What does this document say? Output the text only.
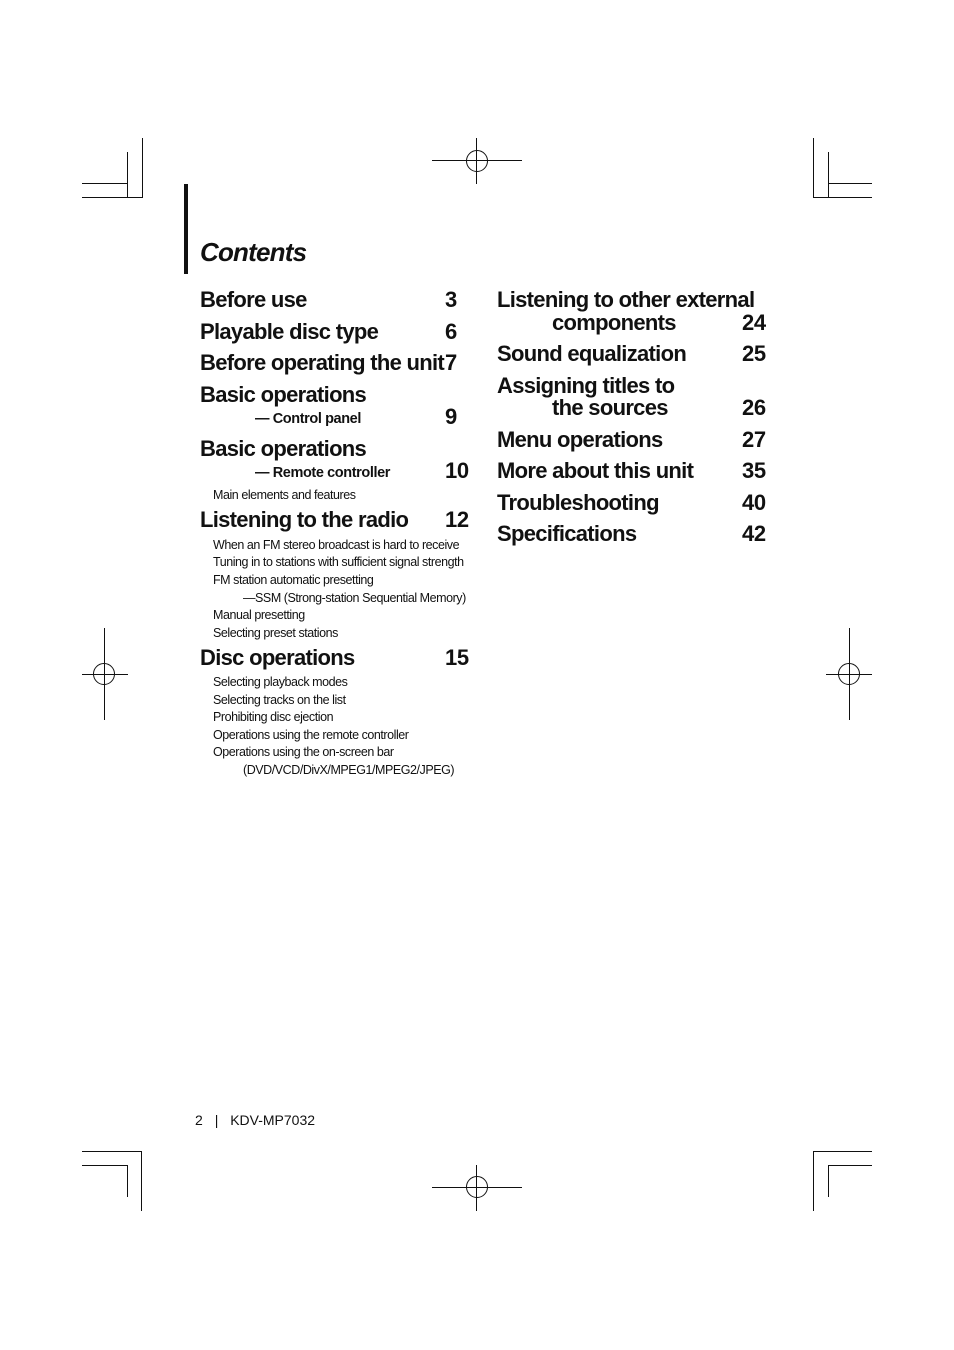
Contents
Before use	3
Playable disc type	6
Before operating the unit 7
Basic operations
— Control panel	9
Basic operations
— Remote controller 10
Main elements and features
Listening to the radio 12
When an FM stereo broadcast is hard to receive
Tuning in to stations with sufficient signal strength
FM station automatic presetting
—SSM (Strong-station Sequential Memory)
Manual presetting
Selecting preset stations
Disc operations	15
Selecting playback modes
Selecting tracks on the list
Prohibiting disc ejection
Operations using the remote controller
Operations using the on-screen bar
(DVD/VCD/DivX/MPEG1/MPEG2/JPEG)
Listening to other external
components	24
Sound equalization	25
Assigning titles to
the sources	26
Menu operations	27
More about this unit 35
Troubleshooting	40
Specifications	42
2 | KDV-MP7032
